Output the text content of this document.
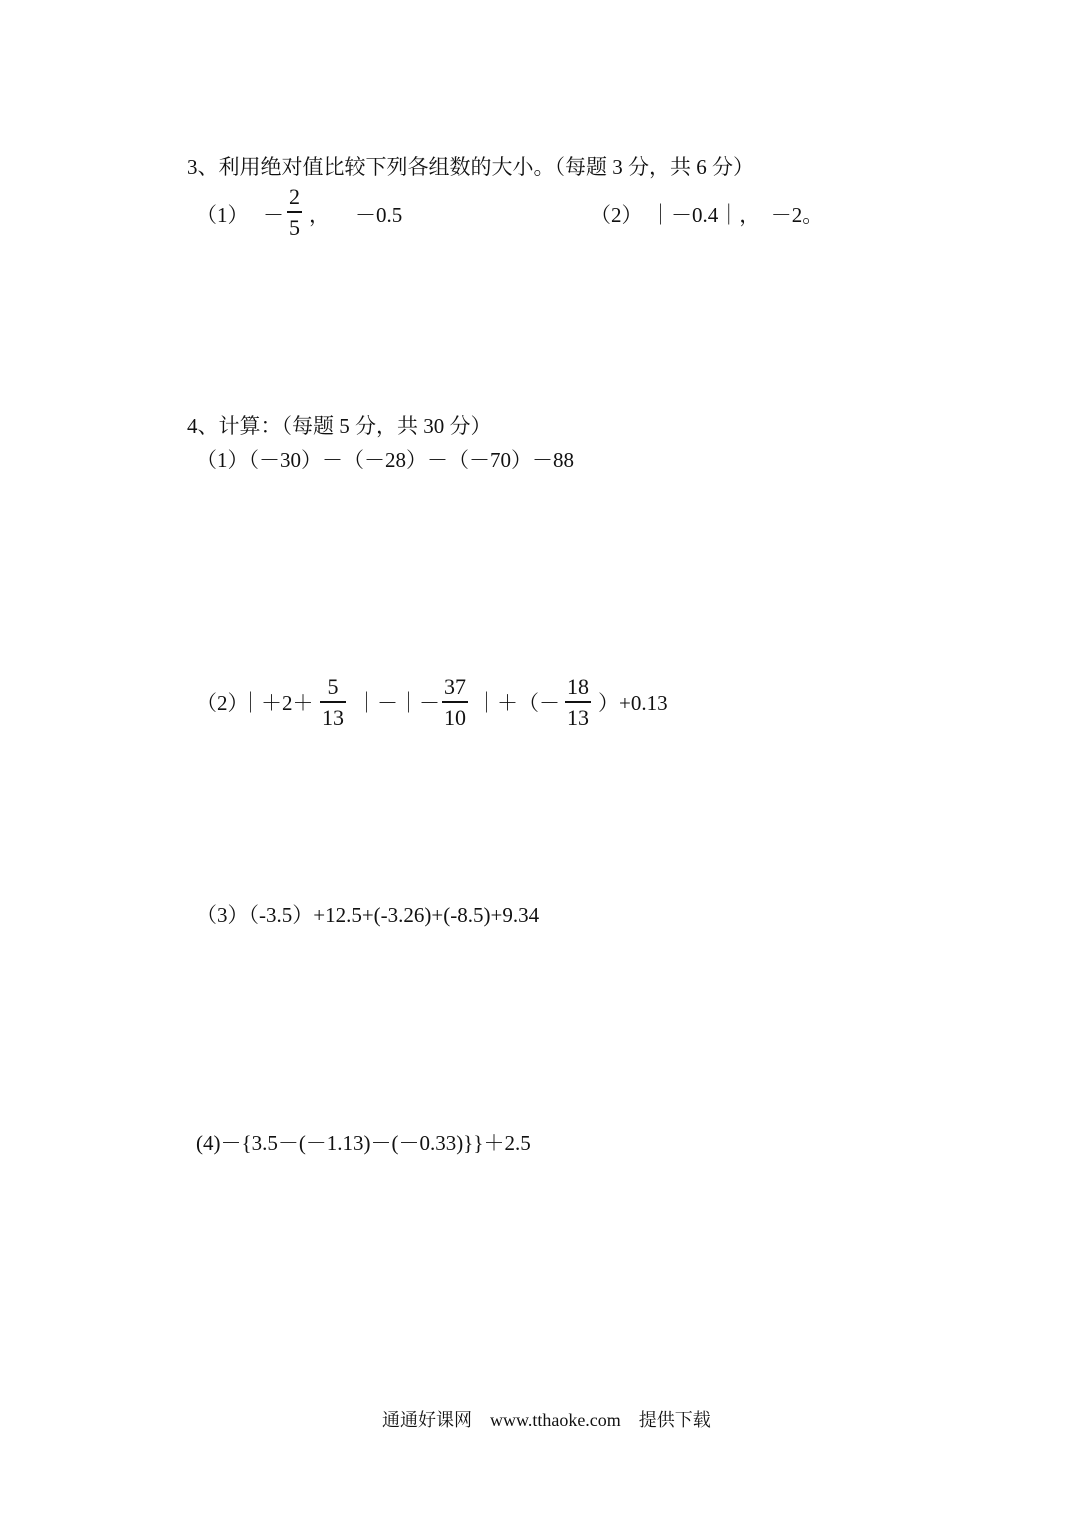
3、利用绝对值比较下列各组数的大小。（每题 3 分，共 6 分）
（1） －
2
5 ， －0.5	（2） ｜－0.4｜，　－2。
4、计算：（每题 5 分，共 30 分）
（1）（－30）－（－28）－（－70）－88
（2）
｜＋2＋
5
13
｜－｜－
37
10
｜＋（－
18
13
）+0.13
（3）（-3.5）+12.5+(-3.26)+(-8.5)+9.34
(4)－{3.5－(－1.13)－(－0.33)}}＋2.5
通通好课网　www.tthaoke.com　提供下载
